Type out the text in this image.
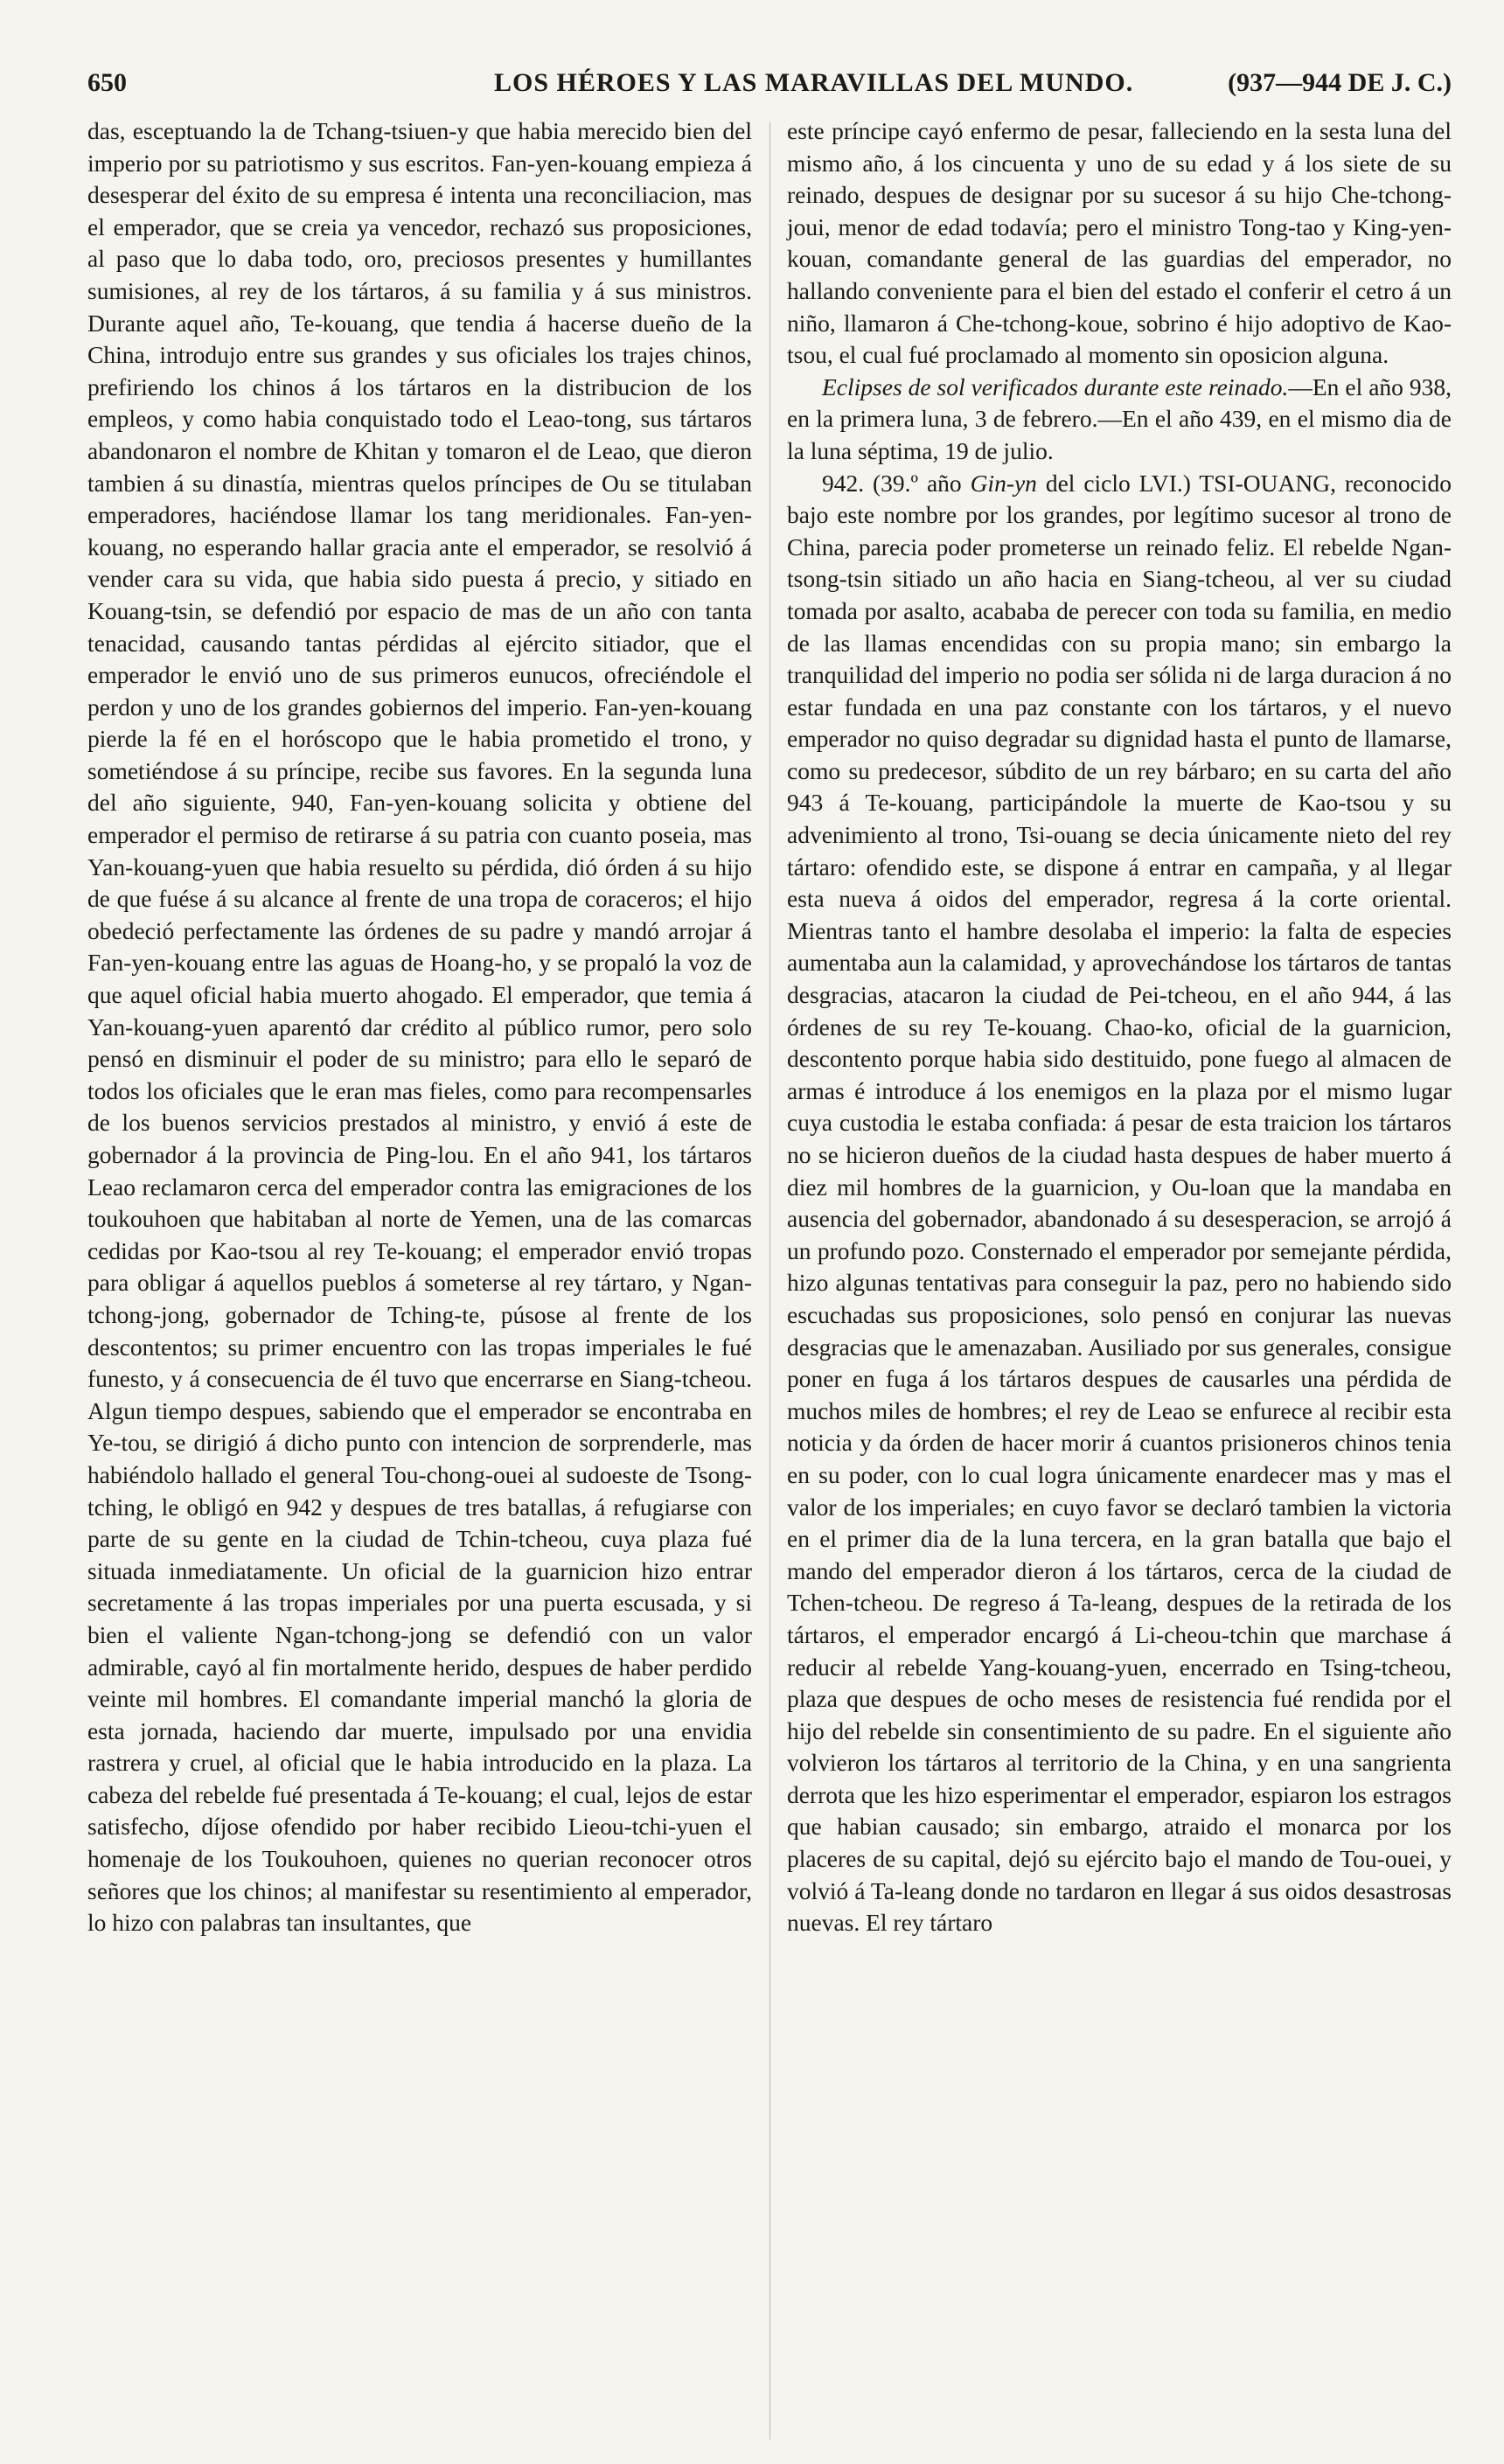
650	LOS HÉROES Y LAS MARAVILLAS DEL MUNDO.	(937—944 DE J. C.)

das, esceptuando la de Tchang-tsiuen-y que habia merecido bien del imperio por su patriotismo y sus escritos. Fan-yen-kouang empieza á desesperar del éxito de su empresa é intenta una reconciliacion, mas el emperador, que se creia ya vencedor, rechazó sus proposiciones, al paso que lo daba todo, oro, preciosos presentes y humillantes sumisiones, al rey de los tártaros, á su familia y á sus ministros. Durante aquel año, Te-kouang, que tendia á hacerse dueño de la China, introdujo entre sus grandes y sus oficiales los trajes chinos, prefiriendo los chinos á los tártaros en la distribucion de los empleos, y como habia conquistado todo el Leao-tong, sus tártaros abandonaron el nombre de Khitan y tomaron el de Leao, que dieron tambien á su dinastía, mientras quelos príncipes de Ou se titulaban emperadores, haciéndose llamar los tang meridionales. Fan-yen-kouang, no esperando hallar gracia ante el emperador, se resolvió á vender cara su vida, que habia sido puesta á precio, y sitiado en Kouang-tsin, se defendió por espacio de mas de un año con tanta tenacidad, causando tantas pérdidas al ejército sitiador, que el emperador le envió uno de sus primeros eunucos, ofreciéndole el perdon y uno de los grandes gobiernos del imperio. Fan-yen-kouang pierde la fé en el horóscopo que le habia prometido el trono, y sometiéndose á su príncipe, recibe sus favores. En la segunda luna del año siguiente, 940, Fan-yen-kouang solicita y obtiene del emperador el permiso de retirarse á su patria con cuanto poseia, mas Yan-kouang-yuen que habia resuelto su pérdida, dió órden á su hijo de que fuése á su alcance al frente de una tropa de coraceros; el hijo obedeció perfectamente las órdenes de su padre y mandó arrojar á Fan-yen-kouang entre las aguas de Hoang-ho, y se propaló la voz de que aquel oficial habia muerto ahogado. El emperador, que temia á Yan-kouang-yuen aparentó dar crédito al público rumor, pero solo pensó en disminuir el poder de su ministro; para ello le separó de todos los oficiales que le eran mas fieles, como para recompensarles de los buenos servicios prestados al ministro, y envió á este de gobernador á la provincia de Ping-lou. En el año 941, los tártaros Leao reclamaron cerca del emperador contra las emigraciones de los toukouhoen que habitaban al norte de Yemen, una de las comarcas cedidas por Kao-tsou al rey Te-kouang; el emperador envió tropas para obligar á aquellos pueblos á someterse al rey tártaro, y Ngan-tchong-jong, gobernador de Tching-te, púsose al frente de los descontentos; su primer encuentro con las tropas imperiales le fué funesto, y á consecuencia de él tuvo que encerrarse en Siang-tcheou. Algun tiempo despues, sabiendo que el emperador se encontraba en Ye-tou, se dirigió á dicho punto con intencion de sorprenderle, mas habiéndolo hallado el general Tou-chong-ouei al sudoeste de Tsong-tching, le obligó en 942 y despues de tres batallas, á refugiarse con parte de su gente en la ciudad de Tchin-tcheou, cuya plaza fué situada inmediatamente. Un oficial de la guarnicion hizo entrar secretamente á las tropas imperiales por una puerta escusada, y si bien el valiente Ngan-tchong-jong se defendió con un valor admirable, cayó al fin mortalmente herido, despues de haber perdido veinte mil hombres. El comandante imperial manchó la gloria de esta jornada, haciendo dar muerte, impulsado por una envidia rastrera y cruel, al oficial que le habia introducido en la plaza. La cabeza del rebelde fué presentada á Te-kouang; el cual, lejos de estar satisfecho, díjose ofendido por haber recibido Lieou-tchi-yuen el homenaje de los Toukouhoen, quienes no querian reconocer otros señores que los chinos; al manifestar su resentimiento al emperador, lo hizo con palabras tan insultantes, que

este príncipe cayó enfermo de pesar, falleciendo en la sesta luna del mismo año, á los cincuenta y uno de su edad y á los siete de su reinado, despues de designar por su sucesor á su hijo Che-tchong-joui, menor de edad todavía; pero el ministro Tong-tao y King-yen-kouan, comandante general de las guardias del emperador, no hallando conveniente para el bien del estado el conferir el cetro á un niño, llamaron á Che-tchong-koue, sobrino é hijo adoptivo de Kao-tsou, el cual fué proclamado al momento sin oposicion alguna.

Eclipses de sol verificados durante este reinado.—En el año 938, en la primera luna, 3 de febrero.—En el año 439, en el mismo dia de la luna séptima, 19 de julio.

942. (39.º año Gin-yn del ciclo LVI.) TSI-OUANG, reconocido bajo este nombre por los grandes, por legítimo sucesor al trono de China, parecia poder prometerse un reinado feliz. El rebelde Ngan-tsong-tsin sitiado un año hacia en Siang-tcheou, al ver su ciudad tomada por asalto, acababa de perecer con toda su familia, en medio de las llamas encendidas con su propia mano; sin embargo la tranquilidad del imperio no podia ser sólida ni de larga duracion á no estar fundada en una paz constante con los tártaros, y el nuevo emperador no quiso degradar su dignidad hasta el punto de llamarse, como su predecesor, súbdito de un rey bárbaro; en su carta del año 943 á Te-kouang, participándole la muerte de Kao-tsou y su advenimiento al trono, Tsi-ouang se decia únicamente nieto del rey tártaro: ofendido este, se dispone á entrar en campaña, y al llegar esta nueva á oidos del emperador, regresa á la corte oriental. Mientras tanto el hambre desolaba el imperio: la falta de especies aumentaba aun la calamidad, y aprovechándose los tártaros de tantas desgracias, atacaron la ciudad de Pei-tcheou, en el año 944, á las órdenes de su rey Te-kouang. Chao-ko, oficial de la guarnicion, descontento porque habia sido destituido, pone fuego al almacen de armas é introduce á los enemigos en la plaza por el mismo lugar cuya custodia le estaba confiada: á pesar de esta traicion los tártaros no se hicieron dueños de la ciudad hasta despues de haber muerto á diez mil hombres de la guarnicion, y Ou-loan que la mandaba en ausencia del gobernador, abandonado á su desesperacion, se arrojó á un profundo pozo. Consternado el emperador por semejante pérdida, hizo algunas tentativas para conseguir la paz, pero no habiendo sido escuchadas sus proposiciones, solo pensó en conjurar las nuevas desgracias que le amenazaban. Ausiliado por sus generales, consigue poner en fuga á los tártaros despues de causarles una pérdida de muchos miles de hombres; el rey de Leao se enfurece al recibir esta noticia y da órden de hacer morir á cuantos prisioneros chinos tenia en su poder, con lo cual logra únicamente enardecer mas y mas el valor de los imperiales; en cuyo favor se declaró tambien la victoria en el primer dia de la luna tercera, en la gran batalla que bajo el mando del emperador dieron á los tártaros, cerca de la ciudad de Tchen-tcheou. De regreso á Ta-leang, despues de la retirada de los tártaros, el emperador encargó á Li-cheou-tchin que marchase á reducir al rebelde Yang-kouang-yuen, encerrado en Tsing-tcheou, plaza que despues de ocho meses de resistencia fué rendida por el hijo del rebelde sin consentimiento de su padre. En el siguiente año volvieron los tártaros al territorio de la China, y en una sangrienta derrota que les hizo esperimentar el emperador, espiaron los estragos que habian causado; sin embargo, atraido el monarca por los placeres de su capital, dejó su ejército bajo el mando de Tou-ouei, y volvió á Ta-leang donde no tardaron en llegar á sus oidos desastrosas nuevas. El rey tártaro
